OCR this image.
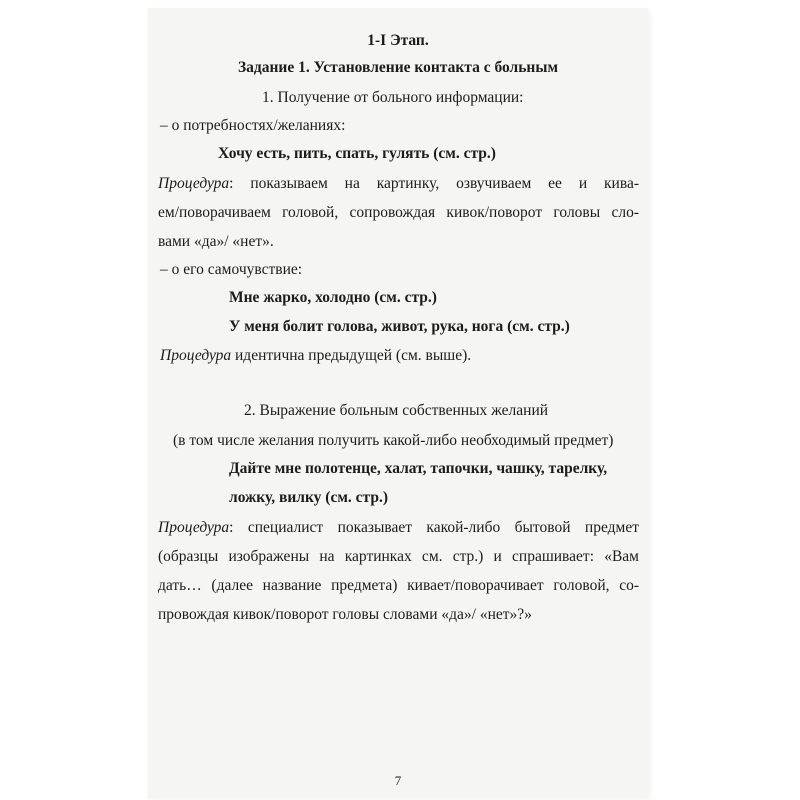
1-I Этап.
Задание 1. Установление контакта с больным
1. Получение от больного информации:
– о потребностях/желаниях:
Хочу есть, пить, спать, гулять (см. стр.)
Процедура: показываем на картинку, озвучиваем ее и кива-
ем/поворачиваем головой, сопровождая кивок/поворот головы сло-
вами «да»/ «нет».
– о его самочувствие:
Мне жарко, холодно (см. стр.)
У меня болит голова, живот, рука, нога (см. стр.)
Процедура идентична предыдущей (см. выше).
2. Выражение больным собственных желаний
(в том числе желания получить какой-либо необходимый предмет)
Дайте мне полотенце, халат, тапочки, чашку, тарелку,
ложку, вилку (см. стр.)
Процедура: специалист показывает какой-либо бытовой предмет
(образцы изображены на картинках см. стр.) и спрашивает: «Вам
дать… (далее название предмета) кивает/поворачивает головой, со-
провождая кивок/поворот головы словами «да»/ «нет»?»
7
